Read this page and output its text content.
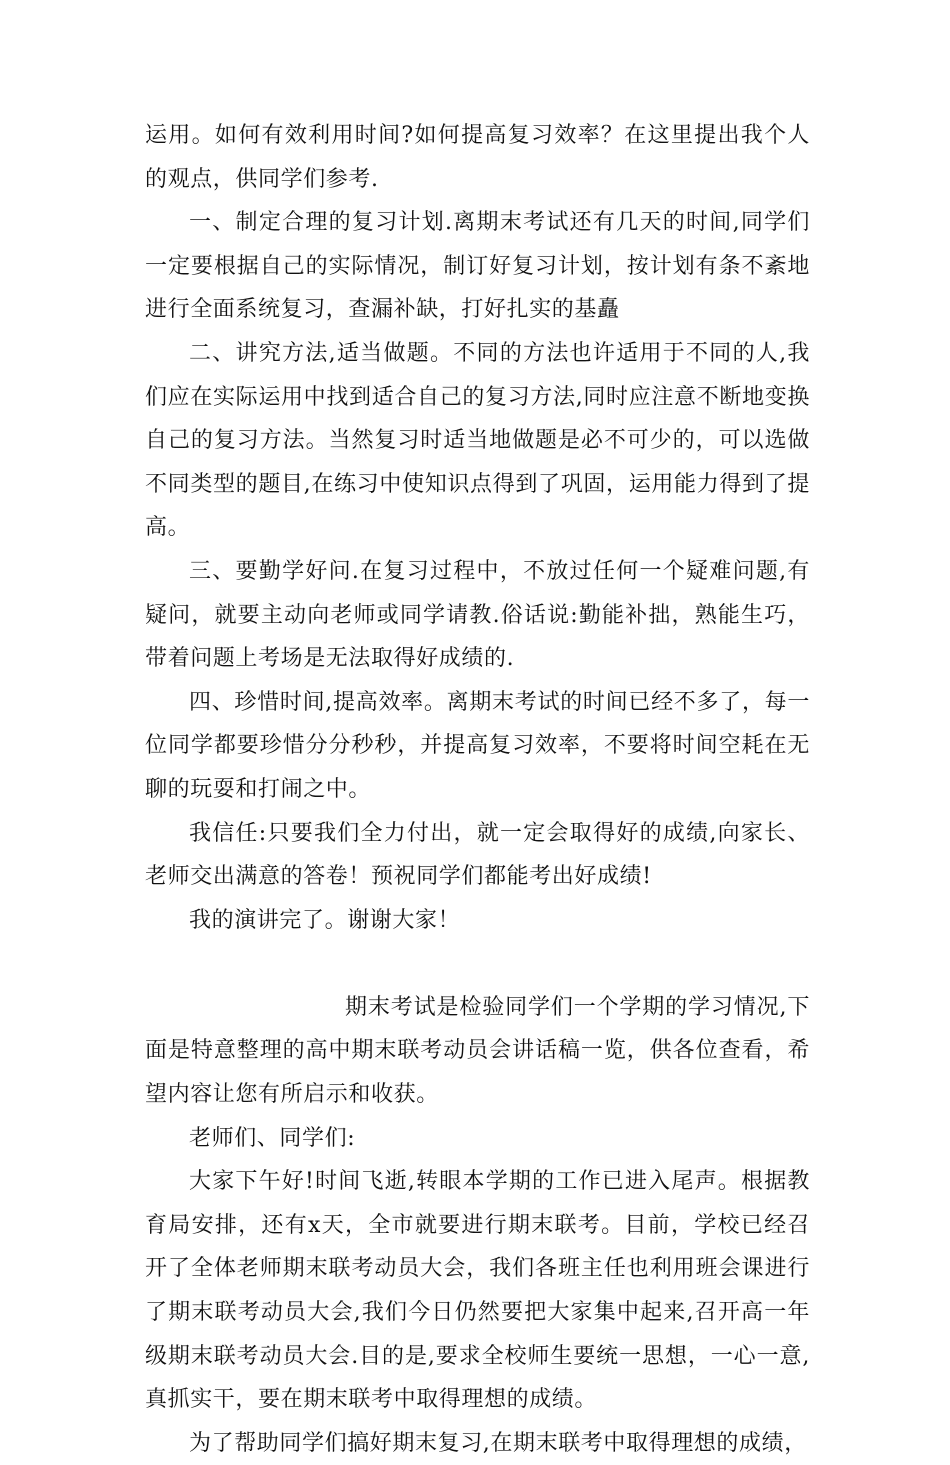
运用。如何有效利用时间?如何提高复习效率？在这里提出我个人的观点，供同学们参考.

一、制定合理的复习计划.离期末考试还有几天的时间,同学们一定要根据自己的实际情况，制订好复习计划，按计划有条不紊地进行全面系统复习，查漏补缺，打好扎实的基矗

二、讲究方法,适当做题。不同的方法也许适用于不同的人,我们应在实际运用中找到适合自己的复习方法,同时应注意不断地变换自己的复习方法。当然复习时适当地做题是必不可少的，可以选做不同类型的题目,在练习中使知识点得到了巩固，运用能力得到了提高。

三、要勤学好问.在复习过程中，不放过任何一个疑难问题,有疑问，就要主动向老师或同学请教.俗话说:勤能补拙，熟能生巧，带着问题上考场是无法取得好成绩的.

四、珍惜时间,提高效率。离期末考试的时间已经不多了，每一位同学都要珍惜分分秒秒，并提高复习效率，不要将时间空耗在无聊的玩耍和打闹之中。

我信任:只要我们全力付出，就一定会取得好的成绩,向家长、老师交出满意的答卷！预祝同学们都能考出好成绩!

我的演讲完了。谢谢大家！

期末考试是检验同学们一个学期的学习情况,下面是特意整理的高中期末联考动员会讲话稿一览，供各位查看，希望内容让您有所启示和收获。

老师们、同学们:

大家下午好!时间飞逝,转眼本学期的工作已进入尾声。根据教育局安排，还有x天，全市就要进行期末联考。目前，学校已经召开了全体老师期末联考动员大会，我们各班主任也利用班会课进行了期末联考动员大会,我们今日仍然要把大家集中起来,召开高一年级期末联考动员大会.目的是,要求全校师生要统一思想，一心一意,真抓实干，要在期末联考中取得理想的成绩。

为了帮助同学们搞好期末复习,在期末联考中取得理想的成绩，
